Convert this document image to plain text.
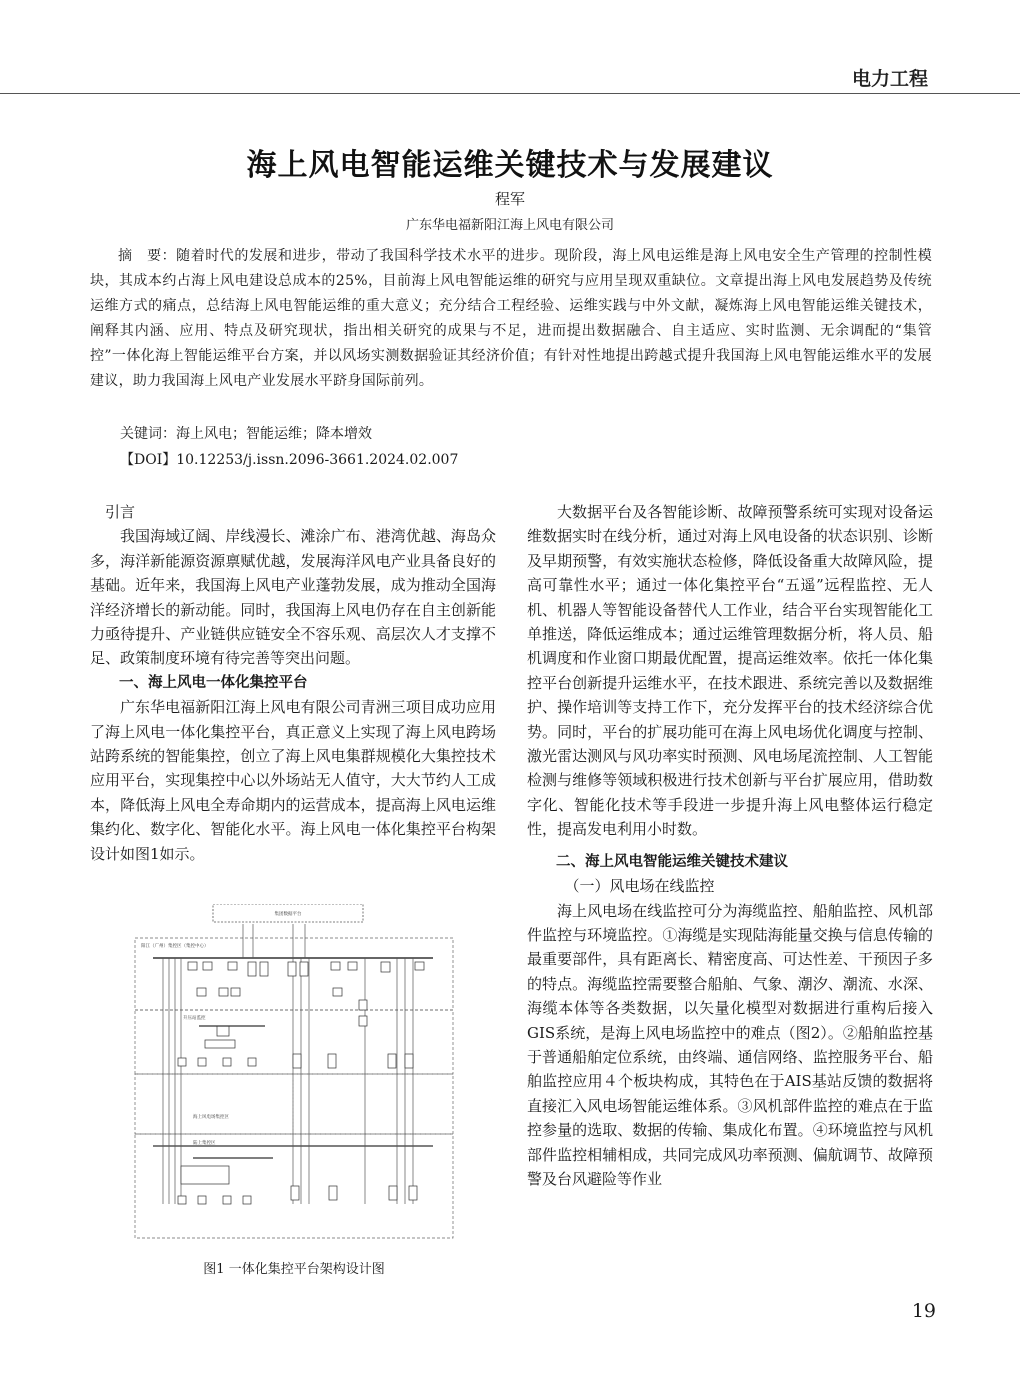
电力工程
海上风电智能运维关键技术与发展建议
程军
广东华电福新阳江海上风电有限公司
摘　要：随着时代的发展和进步，带动了我国科学技术水平的进步。现阶段，海上风电运维是海上风电安全生产管理的控制性模块，其成本约占海上风电建设总成本的25%，目前海上风电智能运维的研究与应用呈现双重缺位。文章提出海上风电发展趋势及传统运维方式的痛点，总结海上风电智能运维的重大意义；充分结合工程经验、运维实践与中外文献，凝炼海上风电智能运维关键技术，阐释其内涵、应用、特点及研究现状，指出相关研究的成果与不足，进而提出数据融合、自主适应、实时监测、无余调配的“集管控”一体化海上智能运维平台方案，并以风场实测数据验证其经济价值；有针对性地提出跨越式提升我国海上风电智能运维水平的发展建议，助力我国海上风电产业发展水平跻身国际前列。
关键词：海上风电；智能运维；降本增效
【DOI】10.12253/j.issn.2096-3661.2024.02.007

引言

我国海域辽阔、岸线漫长、滩涂广布、港湾优越、海岛众多，海洋新能源资源禀赋优越，发展海洋风电产业具备良好的基础。近年来，我国海上风电产业蓬勃发展，成为推动全国海洋经济增长的新动能。同时，我国海上风电仍存在自主创新能力亟待提升、产业链供应链安全不容乐观、高层次人才支撑不足、政策制度环境有待完善等突出问题。

一、海上风电一体化集控平台

广东华电福新阳江海上风电有限公司青洲三项目成功应用了海上风电一体化集控平台，真正意义上实现了海上风电跨场站跨系统的智能集控，创立了海上风电集群规模化大集控技术应用平台，实现集控中心以外场站无人值守，大大节约人工成本，降低海上风电全寿命期内的运营成本，提高海上风电运维集约化、数字化、智能化水平。海上风电一体化集控平台构架设计如图1如示。

集团数据平台
阳江（广州）集控区（集控中心）
升压站监控
海上风电场集控区
陆上集控区
图1 一体化集控平台架构设计图

大数据平台及各智能诊断、故障预警系统可实现对设备运维数据实时在线分析，通过对海上风电设备的状态识别、诊断及早期预警，有效实施状态检修，降低设备重大故障风险，提高可靠性水平；通过一体化集控平台“五遥”远程监控、无人机、机器人等智能设备替代人工作业，结合平台实现智能化工单推送，降低运维成本；通过运维管理数据分析，将人员、船机调度和作业窗口期最优配置，提高运维效率。依托一体化集控平台创新提升运维水平，在技术跟进、系统完善以及数据维护、操作培训等支持工作下，充分发挥平台的技术经济综合优势。同时，平台的扩展功能可在海上风电场优化调度与控制、激光雷达测风与风功率实时预测、风电场尾流控制、人工智能检测与维修等领域积极进行技术创新与平台扩展应用，借助数字化、智能化技术等手段进一步提升海上风电整体运行稳定性，提高发电利用小时数。

二、海上风电智能运维关键技术建议

（一）风电场在线监控

海上风电场在线监控可分为海缆监控、船舶监控、风机部件监控与环境监控。①海缆是实现陆海能量交换与信息传输的最重要部件，具有距离长、精密度高、可达性差、干预因子多的特点。海缆监控需要整合船舶、气象、潮汐、潮流、水深、海缆本体等各类数据，以矢量化模型对数据进行重构后接入GIS系统，是海上风电场监控中的难点（图2）。②船舶监控基于普通船舶定位系统，由终端、通信网络、监控服务平台、船舶监控应用４个板块构成，其特色在于AIS基站反馈的数据将直接汇入风电场智能运维体系。③风机部件监控的难点在于监控参量的选取、数据的传输、集成化布置。④环境监控与风机部件监控相辅相成，共同完成风功率预测、偏航调节、故障预警及台风避险等作业

19
